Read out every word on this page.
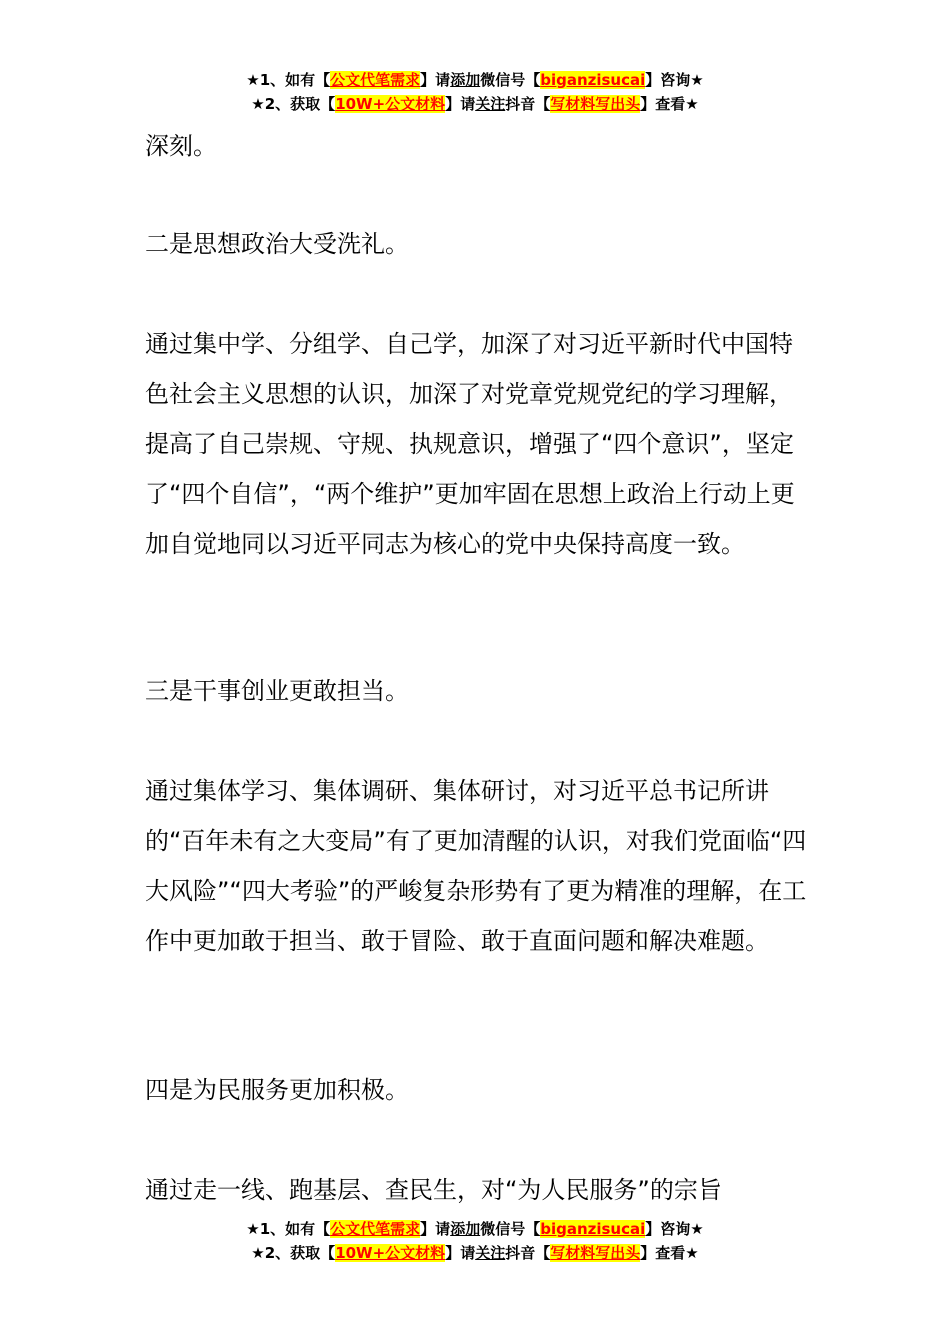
★1、如有【公文代笔需求】请添加微信号【biganzisucai】咨询★
★2、获取【10W+公文材料】请关注抖音【写材料写出头】查看★

深刻。

二是思想政治大受洗礼。

通过集中学、分组学、自己学，加深了对习近平新时代中国特色社会主义思想的认识，加深了对党章党规党纪的学习理解，提高了自己崇规、守规、执规意识，增强了“四个意识”，坚定了“四个自信”，“两个维护”更加牢固在思想上政治上行动上更加自觉地同以习近平同志为核心的党中央保持高度一致。

三是干事创业更敢担当。

通过集体学习、集体调研、集体研讨，对习近平总书记所讲的“百年未有之大变局”有了更加清醒的认识，对我们党面临“四大风险”“四大考验”的严峻复杂形势有了更为精准的理解，在工作中更加敢于担当、敢于冒险、敢于直面问题和解决难题。

四是为民服务更加积极。

通过走一线、跑基层、查民生，对“为人民服务”的宗旨

★1、如有【公文代笔需求】请添加微信号【biganzisucai】咨询★
★2、获取【10W+公文材料】请关注抖音【写材料写出头】查看★
